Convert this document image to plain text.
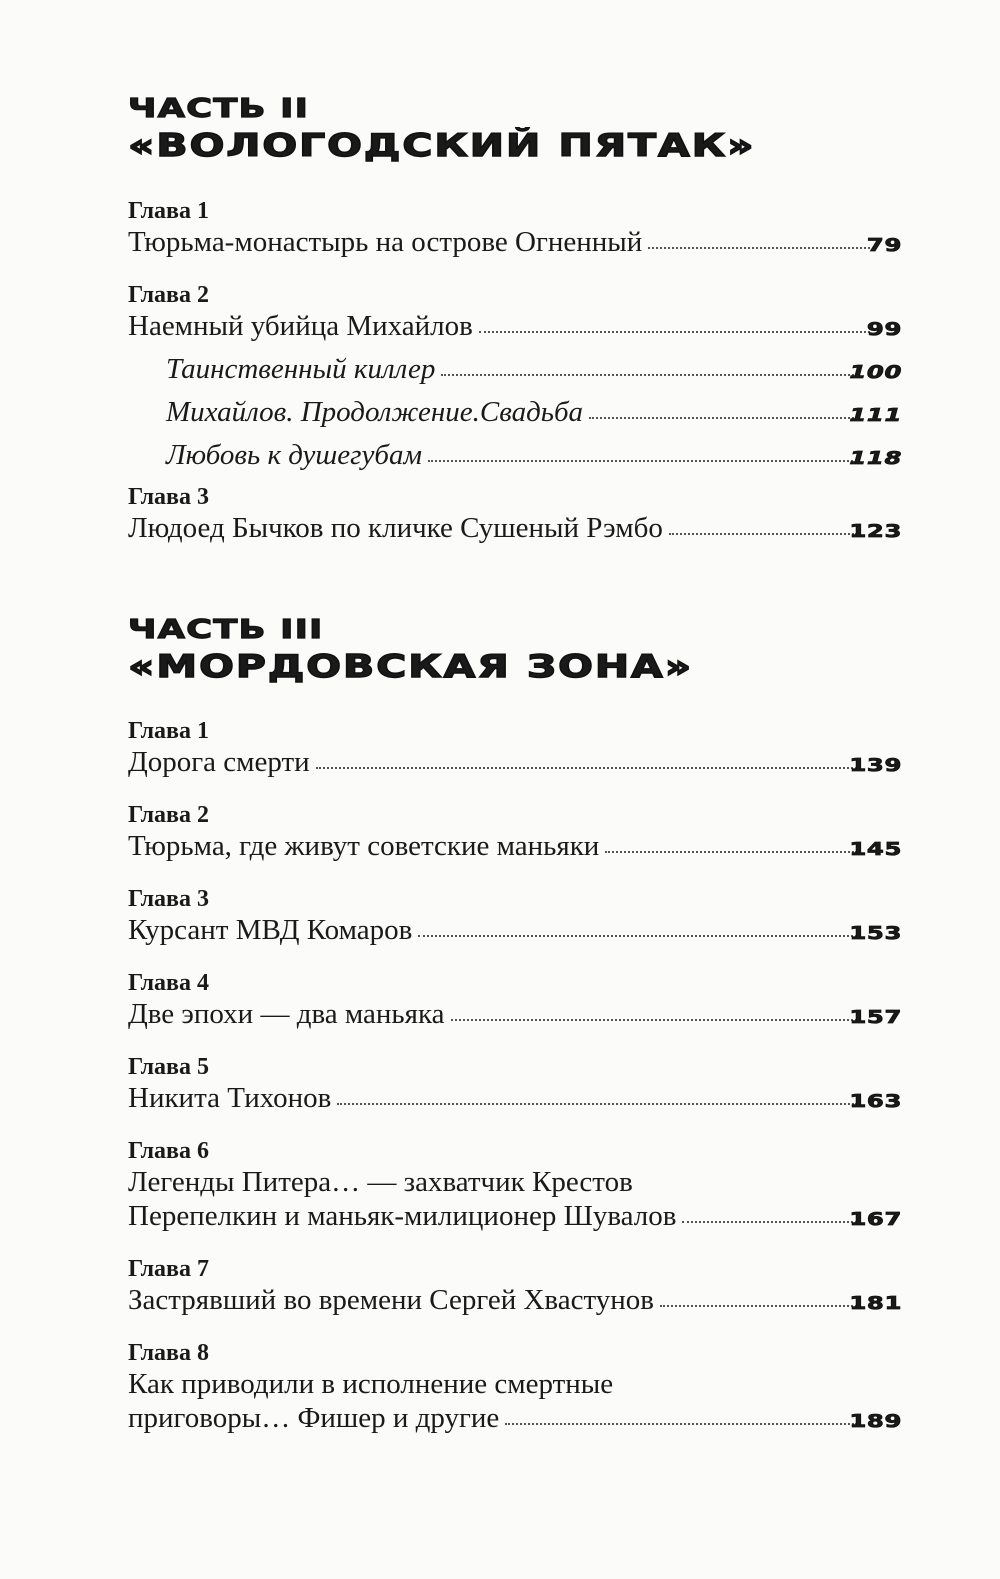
ЧАСТЬ II
«ВОЛОГОДСКИЙ ПЯТАК»
Глава 1
Тюрьма-монастырь на острове Огненный	79
Глава 2
Наемный убийца Михайлов	99
Таинственный киллер	100
Михайлов. Продолжение.Свадьба	111
Любовь к душегубам	118
Глава 3
Людоед Бычков по кличке Сушеный Рэмбо	123
ЧАСТЬ III
«МОРДОВСКАЯ ЗОНА»
Глава 1
Дорога смерти	139
Глава 2
Тюрьма, где живут советские маньяки	145
Глава 3
Курсант МВД Комаров	153
Глава 4
Две эпохи — два маньяка	157
Глава 5
Никита Тихонов	163
Глава 6
Легенды Питера… — захватчик Крестов
Перепелкин и маньяк-милиционер Шувалов	167
Глава 7
Застрявший во времени Сергей Хвастунов	181
Глава 8
Как приводили в исполнение смертные
приговоры… Фишер и другие	189
